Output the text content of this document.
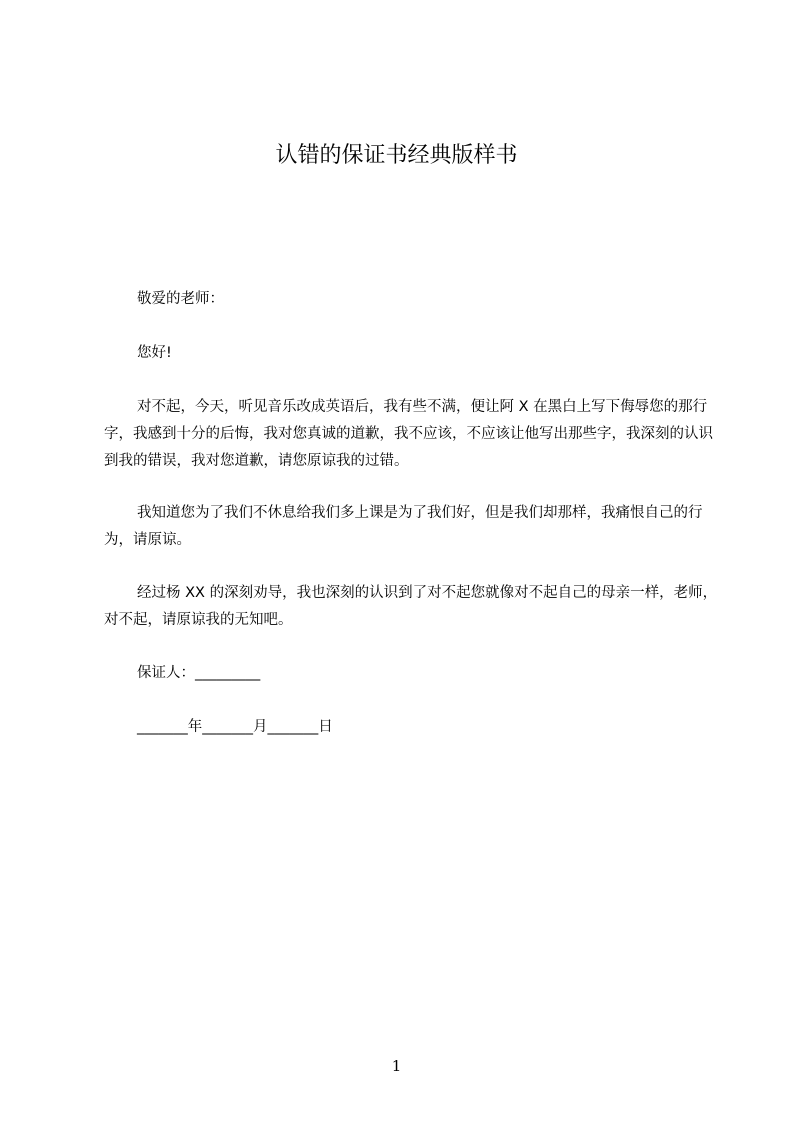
认错的保证书经典版样书
敬爱的老师：
您好!
对不起，今天，听见音乐改成英语后，我有些不满，便让阿 X 在黑白上写下侮辱您的那行字，我感到十分的后悔，我对您真诚的道歉，我不应该，不应该让他写出那些字，我深刻的认识到我的错误，我对您道歉，请您原谅我的过错。
我知道您为了我们不休息给我们多上课是为了我们好，但是我们却那样，我痛恨自己的行为，请原谅。
经过杨 XX 的深刻劝导，我也深刻的认识到了对不起您就像对不起自己的母亲一样，老师，对不起，请原谅我的无知吧。
保证人：_________
_______年_______月_______日
1
